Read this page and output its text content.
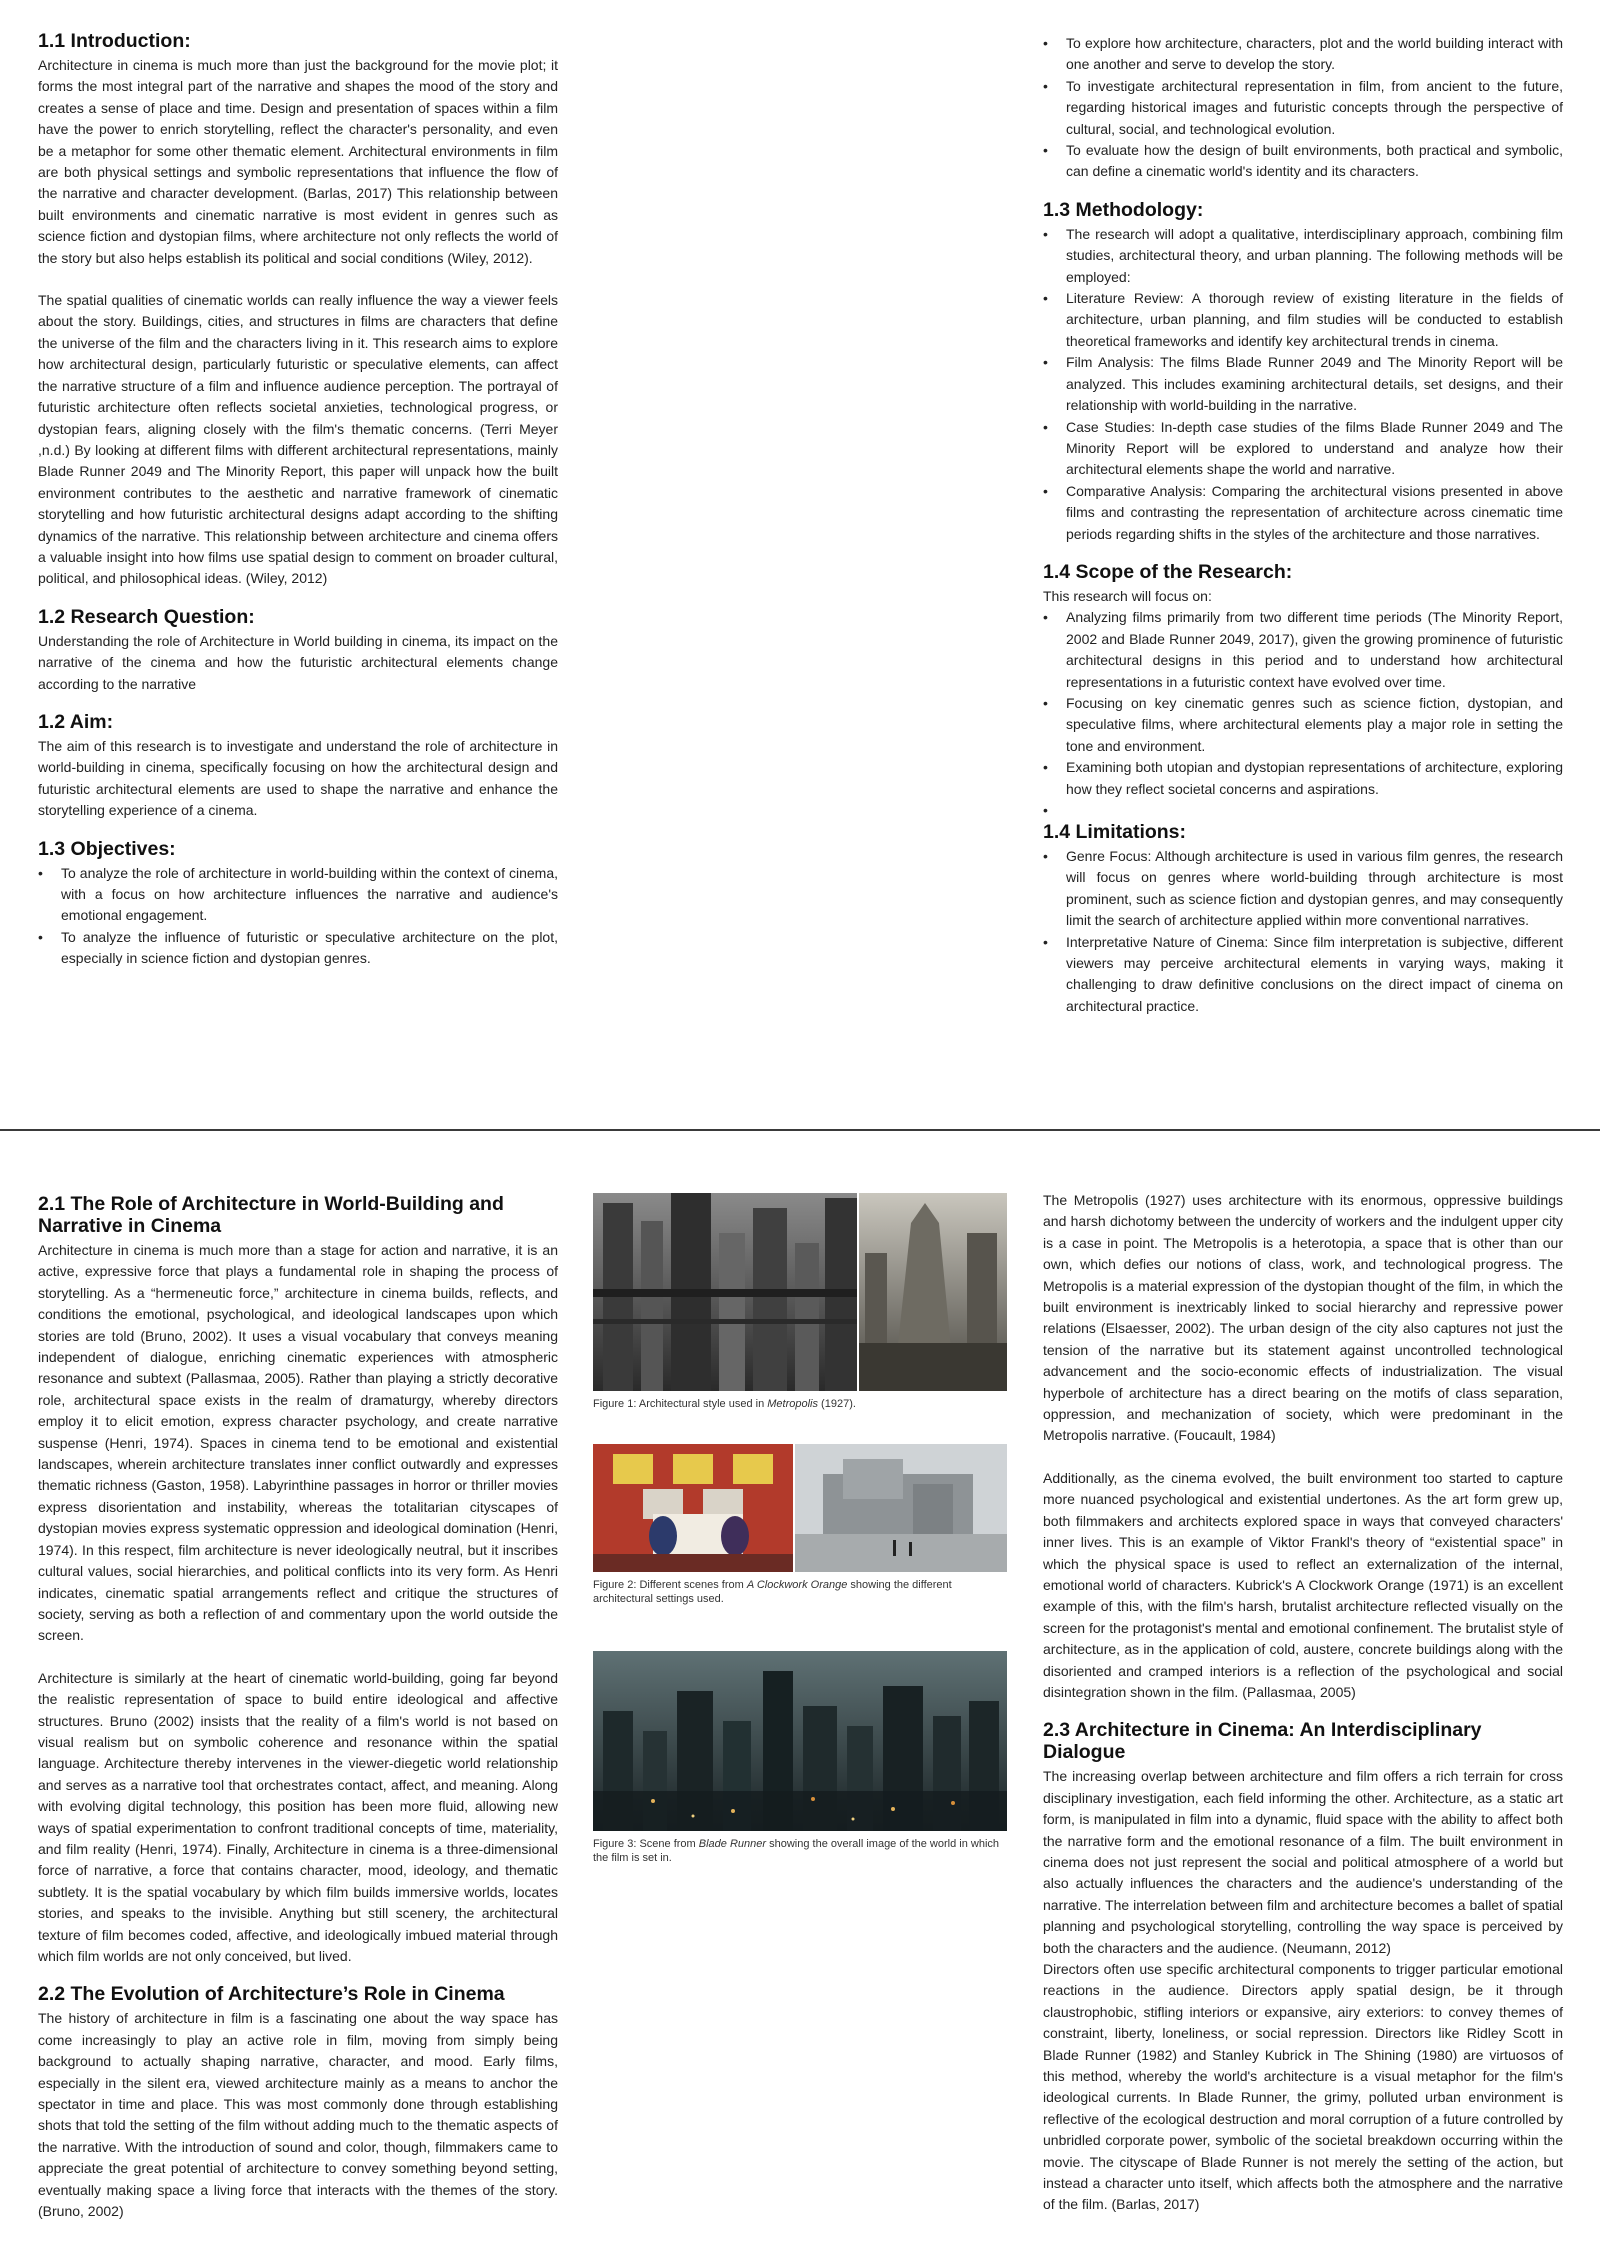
1.1 Introduction:

Architecture in cinema is much more than just the background for the movie plot; it forms the most integral part of the narrative and shapes the mood of the story and creates a sense of place and time. Design and presentation of spaces within a film have the power to enrich storytelling, reflect the character's personality, and even be a metaphor for some other thematic element. Architectural environments in film are both physical settings and symbolic representations that influence the flow of the narrative and character development. (Barlas, 2017) This relationship between built environments and cinematic narrative is most evident in genres such as science fiction and dystopian films, where architecture not only reflects the world of the story but also helps establish its political and social conditions (Wiley, 2012).

The spatial qualities of cinematic worlds can really influence the way a viewer feels about the story. Buildings, cities, and structures in films are characters that define the universe of the film and the characters living in it. This research aims to explore how architectural design, particularly futuristic or speculative elements, can affect the narrative structure of a film and influence audience perception. The portrayal of futuristic architecture often reflects societal anxieties, technological progress, or dystopian fears, aligning closely with the film's thematic concerns. (Terri Meyer ,n.d.) By looking at different films with different architectural representations, mainly Blade Runner 2049 and The Minority Report, this paper will unpack how the built environment contributes to the aesthetic and narrative framework of cinematic storytelling and how futuristic architectural designs adapt according to the shifting dynamics of the narrative. This relationship between architecture and cinema offers a valuable insight into how films use spatial design to comment on broader cultural, political, and philosophical ideas. (Wiley, 2012)

1.2 Research Question:

Understanding the role of Architecture in World building in cinema, its impact on the narrative of the cinema and how the futuristic architectural elements change according to the narrative

1.2 Aim:

The aim of this research is to investigate and understand the role of architecture in world-building in cinema, specifically focusing on how the architectural design and futuristic architectural elements are used to shape the narrative and enhance the storytelling experience of a cinema.

1.3 Objectives:
• To analyze the role of architecture in world-building within the context of cinema, with a focus on how architecture influences the narrative and audience's emotional engagement.
• To analyze the influence of futuristic or speculative architecture on the plot, especially in science fiction and dystopian genres.
• To explore how architecture, characters, plot and the world building interact with one another and serve to develop the story.
• To investigate architectural representation in film, from ancient to the future, regarding historical images and futuristic concepts through the perspective of cultural, social, and technological evolution.
• To evaluate how the design of built environments, both practical and symbolic, can define a cinematic world's identity and its characters.
1.3 Methodology:
• The research will adopt a qualitative, interdisciplinary approach, combining film studies, architectural theory, and urban planning. The following methods will be employed:
• Literature Review: A thorough review of existing literature in the fields of architecture, urban planning, and film studies will be conducted to establish theoretical frameworks and identify key architectural trends in cinema.
• Film Analysis: The films Blade Runner 2049 and The Minority Report will be analyzed. This includes examining architectural details, set designs, and their relationship with world-building in the narrative.
• Case Studies: In-depth case studies of the films Blade Runner 2049 and The Minority Report will be explored to understand and analyze how their architectural elements shape the world and narrative.
• Comparative Analysis: Comparing the architectural visions presented in above films and contrasting the representation of architecture across cinematic time periods regarding shifts in the styles of the architecture and those narratives.
1.4 Scope of the Research:

This research will focus on:

• Analyzing films primarily from two different time periods (The Minority Report, 2002 and Blade Runner 2049, 2017), given the growing prominence of futuristic architectural designs in this period and to understand how architectural representations in a futuristic context have evolved over time.
• Focusing on key cinematic genres such as science fiction, dystopian, and speculative films, where architectural elements play a major role in setting the tone and environment.
• Examining both utopian and dystopian representations of architecture, exploring how they reflect societal concerns and aspirations.
•
1.4 Limitations:
• Genre Focus: Although architecture is used in various film genres, the research will focus on genres where world-building through architecture is most prominent, such as science fiction and dystopian genres, and may consequently limit the search of architecture applied within more conventional narratives.
• Interpretative Nature of Cinema: Since film interpretation is subjective, different viewers may perceive architectural elements in varying ways, making it challenging to draw definitive conclusions on the direct impact of cinema on architectural practice.
2.1 The Role of Architecture in World-Building and Narrative in Cinema

Architecture in cinema is much more than a stage for action and narrative, it is an active, expressive force that plays a fundamental role in shaping the process of storytelling. As a “hermeneutic force,” architecture in cinema builds, reflects, and conditions the emotional, psychological, and ideological landscapes upon which stories are told (Bruno, 2002). It uses a visual vocabulary that conveys meaning independent of dialogue, enriching cinematic experiences with atmospheric resonance and subtext (Pallasmaa, 2005). Rather than playing a strictly decorative role, architectural space exists in the realm of dramaturgy, whereby directors employ it to elicit emotion, express character psychology, and create narrative suspense (Henri, 1974). Spaces in cinema tend to be emotional and existential landscapes, wherein architecture translates inner conflict outwardly and expresses thematic richness (Gaston, 1958). Labyrinthine passages in horror or thriller movies express disorientation and instability, whereas the totalitarian cityscapes of dystopian movies express systematic oppression and ideological domination (Henri, 1974). In this respect, film architecture is never ideologically neutral, but it inscribes cultural values, social hierarchies, and political conflicts into its very form. As Henri indicates, cinematic spatial arrangements reflect and critique the structures of society, serving as both a reflection of and commentary upon the world outside the screen.

Architecture is similarly at the heart of cinematic world-building, going far beyond the realistic representation of space to build entire ideological and affective structures. Bruno (2002) insists that the reality of a film's world is not based on visual realism but on symbolic coherence and resonance within the spatial language. Architecture thereby intervenes in the viewer-diegetic world relationship and serves as a narrative tool that orchestrates contact, affect, and meaning. Along with evolving digital technology, this position has been more fluid, allowing new ways of spatial experimentation to confront traditional concepts of time, materiality, and film reality (Henri, 1974). Finally, Architecture in cinema is a three-dimensional force of narrative, a force that contains character, mood, ideology, and thematic subtlety. It is the spatial vocabulary by which film builds immersive worlds, locates stories, and speaks to the invisible. Anything but still scenery, the architectural texture of film becomes coded, affective, and ideologically imbued material through which film worlds are not only conceived, but lived.

2.2 The Evolution of Architecture’s Role in Cinema

The history of architecture in film is a fascinating one about the way space has come increasingly to play an active role in film, moving from simply being background to actually shaping narrative, character, and mood. Early films, especially in the silent era, viewed architecture mainly as a means to anchor the spectator in time and place. This was most commonly done through establishing shots that told the setting of the film without adding much to the thematic aspects of the narrative. With the introduction of sound and color, though, filmmakers came to appreciate the great potential of architecture to convey something beyond setting, eventually making space a living force that interacts with the themes of the story. (Bruno, 2002)

Figure 1: Architectural style used in Metropolis (1927).
Figure 2: Different scenes from A Clockwork Orange showing the different architectural settings used.
Figure 3: Scene from Blade Runner showing the overall image of the world in which the film is set in.

The Metropolis (1927) uses architecture with its enormous, oppressive buildings and harsh dichotomy between the undercity of workers and the indulgent upper city is a case in point. The Metropolis is a heterotopia, a space that is other than our own, which defies our notions of class, work, and technological progress. The Metropolis is a material expression of the dystopian thought of the film, in which the built environment is inextricably linked to social hierarchy and repressive power relations (Elsaesser, 2002). The urban design of the city also captures not just the tension of the narrative but its statement against uncontrolled technological advancement and the socio-economic effects of industrialization. The visual hyperbole of architecture has a direct bearing on the motifs of class separation, oppression, and mechanization of society, which were predominant in the Metropolis narrative. (Foucault, 1984)

Additionally, as the cinema evolved, the built environment too started to capture more nuanced psychological and existential undertones. As the art form grew up, both filmmakers and architects explored space in ways that conveyed characters' inner lives. This is an example of Viktor Frankl's theory of “existential space” in which the physical space is used to reflect an externalization of the internal, emotional world of characters. Kubrick's A Clockwork Orange (1971) is an excellent example of this, with the film's harsh, brutalist architecture reflected visually on the screen for the protagonist's mental and emotional confinement. The brutalist style of architecture, as in the application of cold, austere, concrete buildings along with the disoriented and cramped interiors is a reflection of the psychological and social disintegration shown in the film. (Pallasmaa, 2005)

2.3 Architecture in Cinema: An Interdisciplinary Dialogue

The increasing overlap between architecture and film offers a rich terrain for cross disciplinary investigation, each field informing the other. Architecture, as a static art form, is manipulated in film into a dynamic, fluid space with the ability to affect both the narrative form and the emotional resonance of a film. The built environment in cinema does not just represent the social and political atmosphere of a world but also actually influences the characters and the audience's understanding of the narrative. The interrelation between film and architecture becomes a ballet of spatial planning and psychological storytelling, controlling the way space is perceived by both the characters and the audience. (Neumann, 2012)

Directors often use specific architectural components to trigger particular emotional reactions in the audience. Directors apply spatial design, be it through claustrophobic, stifling interiors or expansive, airy exteriors: to convey themes of constraint, liberty, loneliness, or social repression. Directors like Ridley Scott in Blade Runner (1982) and Stanley Kubrick in The Shining (1980) are virtuosos of this method, whereby the world's architecture is a visual metaphor for the film's ideological currents. In Blade Runner, the grimy, polluted urban environment is reflective of the ecological destruction and moral corruption of a future controlled by unbridled corporate power, symbolic of the societal breakdown occurring within the movie. The cityscape of Blade Runner is not merely the setting of the action, but instead a character unto itself, which affects both the atmosphere and the narrative of the film. (Barlas, 2017)
